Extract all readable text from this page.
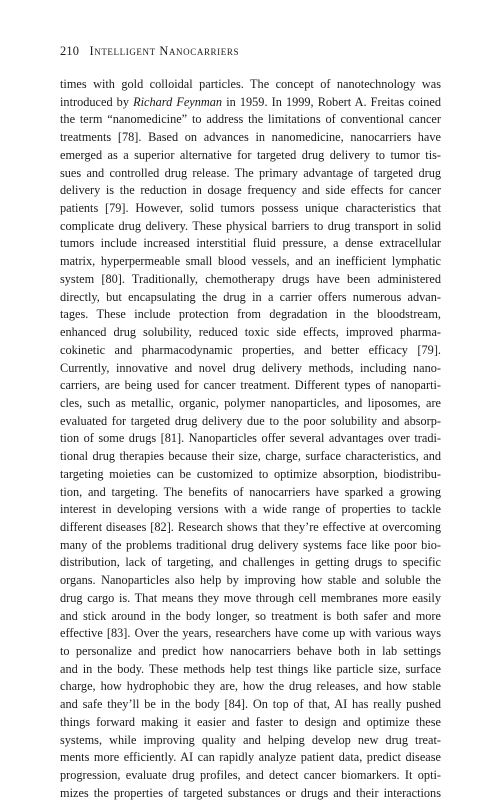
210 Intelligent Nanocarriers
times with gold colloidal particles. The concept of nanotechnology was
introduced by Richard Feynman in 1959. In 1999, Robert A. Freitas coined
the term “nanomedicine” to address the limitations of conventional cancer
treatments [78]. Based on advances in nanomedicine, nanocarriers have
emerged as a superior alternative for targeted drug delivery to tumor tis-
sues and controlled drug release. The primary advantage of targeted drug
delivery is the reduction in dosage frequency and side effects for cancer
patients [79]. However, solid tumors possess unique characteristics that
complicate drug delivery. These physical barriers to drug transport in solid
tumors include increased interstitial fluid pressure, a dense extracellular
matrix, hyperpermeable small blood vessels, and an inefficient lymphatic
system [80]. Traditionally, chemotherapy drugs have been administered
directly, but encapsulating the drug in a carrier offers numerous advan-
tages. These include protection from degradation in the bloodstream,
enhanced drug solubility, reduced toxic side effects, improved pharma-
cokinetic and pharmacodynamic properties, and better efficacy [79].
Currently, innovative and novel drug delivery methods, including nano-
carriers, are being used for cancer treatment. Different types of nanoparti-
cles, such as metallic, organic, polymer nanoparticles, and liposomes, are
evaluated for targeted drug delivery due to the poor solubility and absorp-
tion of some drugs [81]. Nanoparticles offer several advantages over tradi-
tional drug therapies because their size, charge, surface characteristics, and
targeting moieties can be customized to optimize absorption, biodistribu-
tion, and targeting. The benefits of nanocarriers have sparked a growing
interest in developing versions with a wide range of properties to tackle
different diseases [82]. Research shows that they’re effective at overcoming
many of the problems traditional drug delivery systems face like poor bio-
distribution, lack of targeting, and challenges in getting drugs to specific
organs. Nanoparticles also help by improving how stable and soluble the
drug cargo is. That means they move through cell membranes more easily
and stick around in the body longer, so treatment is both safer and more
effective [83]. Over the years, researchers have come up with various ways
to personalize and predict how nanocarriers behave both in lab settings
and in the body. These methods help test things like particle size, surface
charge, how hydrophobic they are, how the drug releases, and how stable
and safe they’ll be in the body [84]. On top of that, AI has really pushed
things forward making it easier and faster to design and optimize these
systems, while improving quality and helping develop new drug treat-
ments more efficiently. AI can rapidly analyze patient data, predict disease
progression, evaluate drug profiles, and detect cancer biomarkers. It opti-
mizes the properties of targeted substances or drugs and their interactions
